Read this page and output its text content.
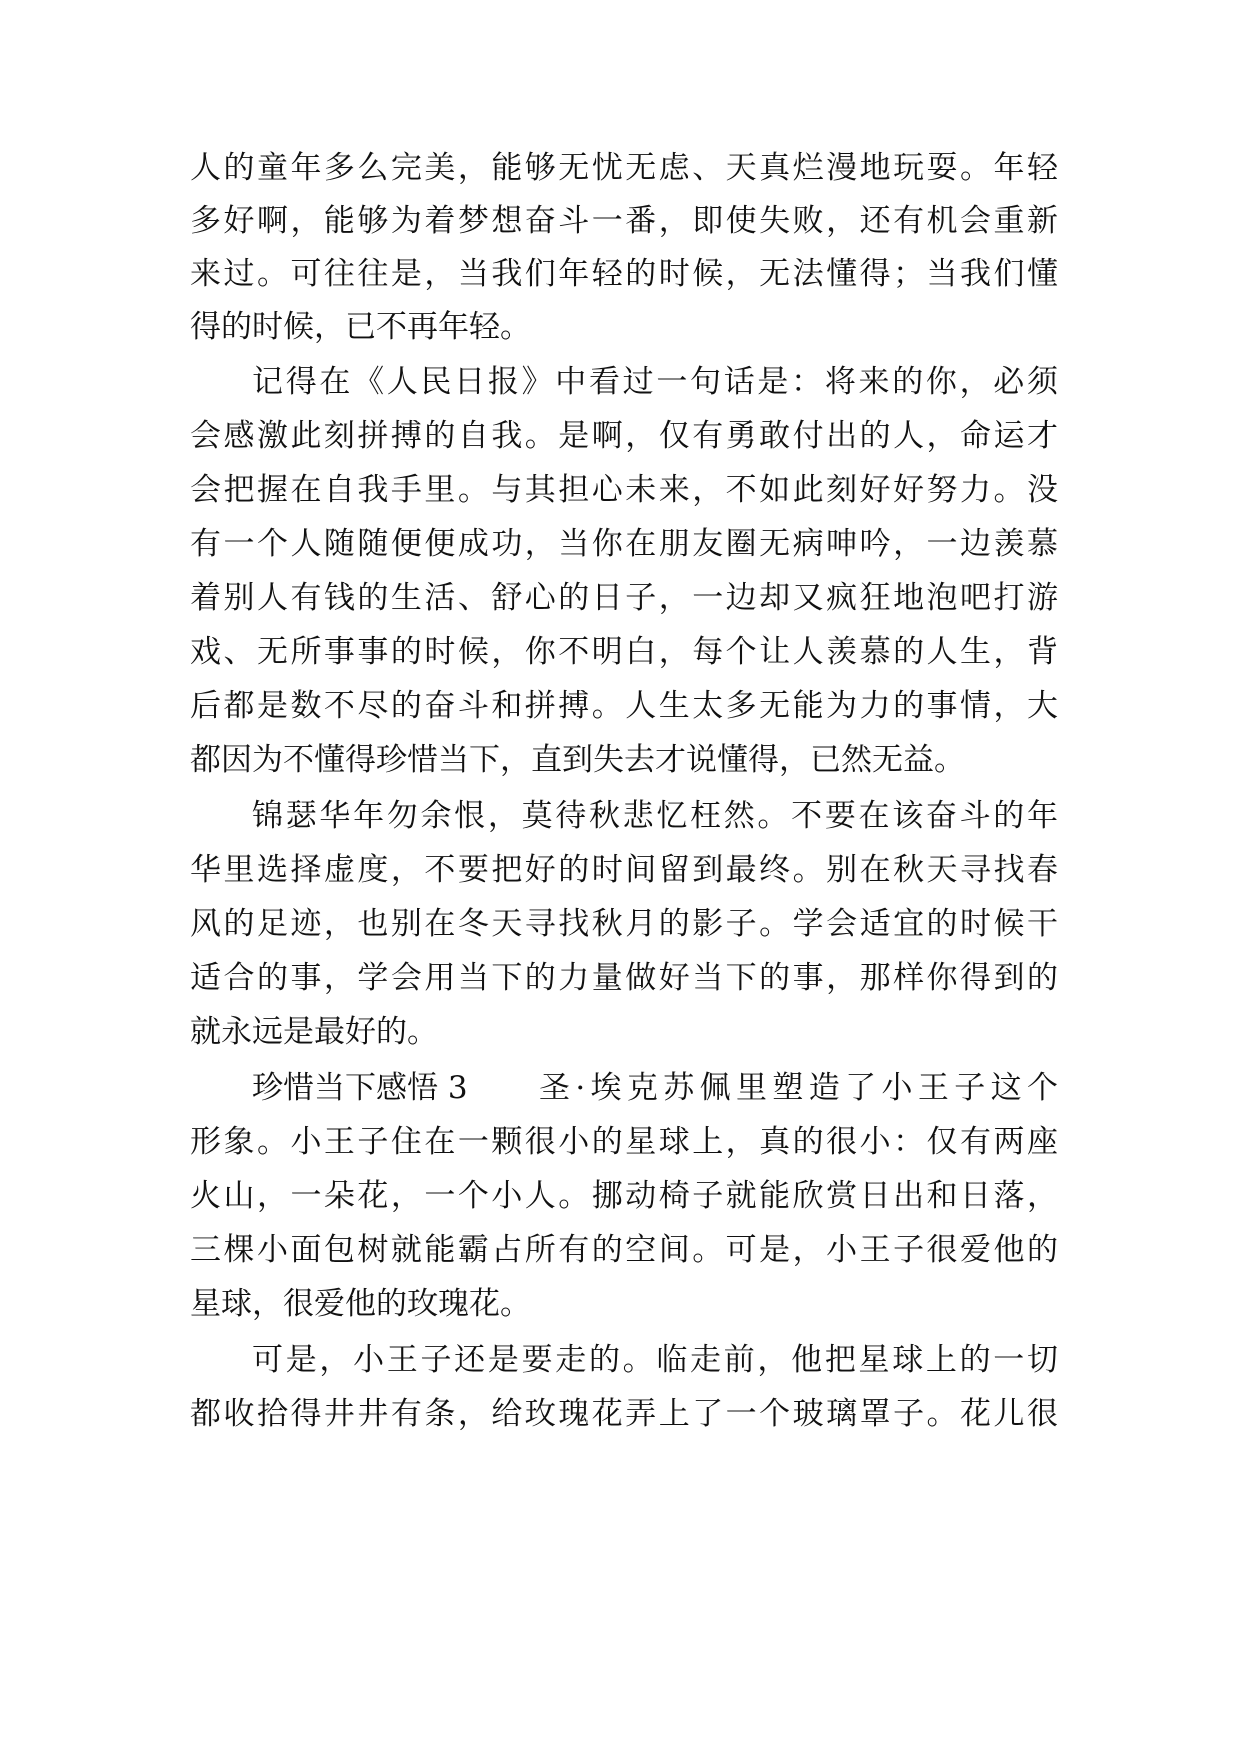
人的童年多么完美，能够无忧无虑、天真烂漫地玩耍。年轻
多好啊，能够为着梦想奋斗一番，即使失败，还有机会重新
来过。可往往是，当我们年轻的时候，无法懂得；当我们懂
得的时候，已不再年轻。
记得在《人民日报》中看过一句话是：将来的你，必须
会感激此刻拼搏的自我。是啊，仅有勇敢付出的人，命运才
会把握在自我手里。与其担心未来，不如此刻好好努力。没
有一个人随随便便成功，当你在朋友圈无病呻吟，一边羡慕
着别人有钱的生活、舒心的日子，一边却又疯狂地泡吧打游
戏、无所事事的时候，你不明白，每个让人羡慕的人生，背
后都是数不尽的奋斗和拼搏。人生太多无能为力的事情，大
都因为不懂得珍惜当下，直到失去才说懂得，已然无益。
锦瑟华年勿余恨，莫待秋悲忆枉然。不要在该奋斗的年
华里选择虚度，不要把好的时间留到最终。别在秋天寻找春
风的足迹，也别在冬天寻找秋月的影子。学会适宜的时候干
适合的事，学会用当下的力量做好当下的事，那样你得到的
就永远是最好的。
珍惜当下感悟 3 圣·埃克苏佩里塑造了小王子这个
形象。小王子住在一颗很小的星球上，真的很小：仅有两座
火山，一朵花，一个小人。挪动椅子就能欣赏日出和日落，
三棵小面包树就能霸占所有的空间。可是，小王子很爱他的
星球，很爱他的玫瑰花。
可是，小王子还是要走的。临走前，他把星球上的一切
都收拾得井井有条，给玫瑰花弄上了一个玻璃罩子。花儿很
